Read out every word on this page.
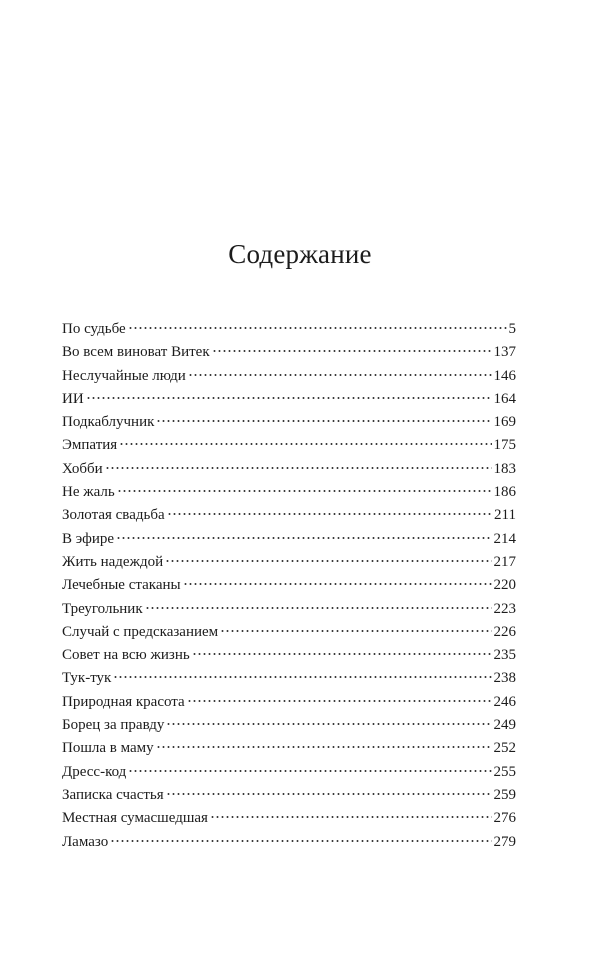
Содержание
По судьбе	5
Во всем виноват Витек	137
Неслучайные люди	146
ИИ	164
Подкаблучник	169
Эмпатия	175
Хобби	183
Не жаль	186
Золотая свадьба	211
В эфире	214
Жить надеждой	217
Лечебные стаканы	220
Треугольник	223
Случай с предсказанием	226
Совет на всю жизнь	235
Тук-тук	238
Природная красота	246
Борец за правду	249
Пошла в маму	252
Дресс-код	255
Записка счастья	259
Местная сумасшедшая	276
Ламазо	279
